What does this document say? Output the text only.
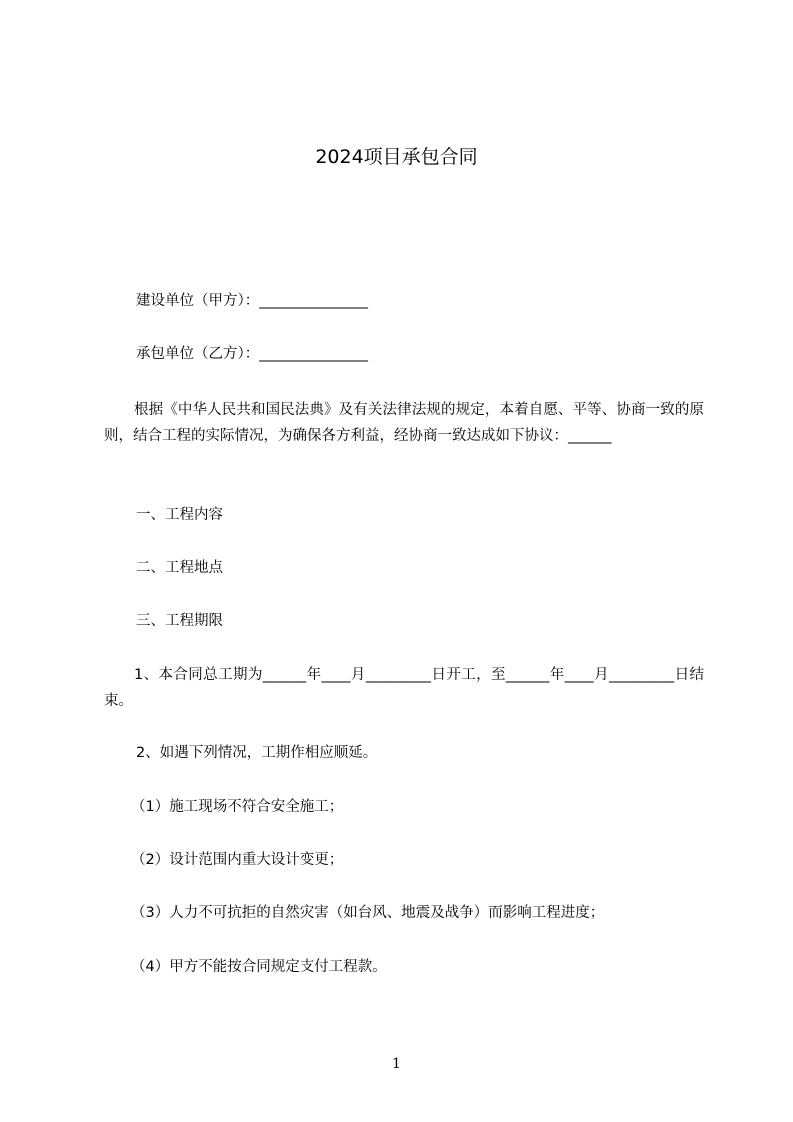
2024项目承包合同

建设单位（甲方）：_______________

承包单位（乙方）：_______________

根据《中华人民共和国民法典》及有关法律法规的规定，本着自愿、平等、协商一致的原则，结合工程的实际情况，为确保各方利益，经协商一致达成如下协议：______

一、工程内容

二、工程地点

三、工程期限

1、本合同总工期为______年____月_________日开工，至______年____月_________日结束。

2、如遇下列情况，工期作相应顺延。

（1）施工现场不符合安全施工；

（2）设计范围内重大设计变更；

（3）人力不可抗拒的自然灾害（如台风、地震及战争）而影响工程进度；

（4）甲方不能按合同规定支付工程款。

1
